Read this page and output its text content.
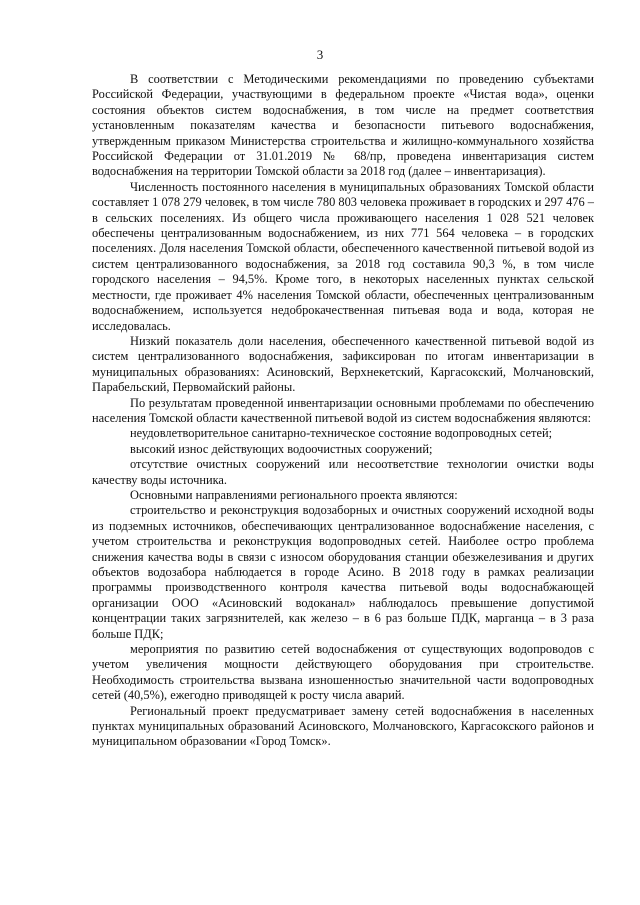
3

В соответствии с Методическими рекомендациями по проведению субъектами Российской Федерации, участвующими в федеральном проекте «Чистая вода», оценки состояния объектов систем водоснабжения, в том числе на предмет соответствия установленным показателям качества и безопасности питьевого водоснабжения, утвержденным приказом Министерства строительства и жилищно-коммунального хозяйства Российской Федерации от 31.01.2019 № 68/пр, проведена инвентаризация систем водоснабжения на территории Томской области за 2018 год (далее – инвентаризация).

Численность постоянного населения в муниципальных образованиях Томской области составляет 1 078 279 человек, в том числе 780 803 человека проживает в городских и 297 476 – в сельских поселениях. Из общего числа проживающего населения 1 028 521 человек обеспечены централизованным водоснабжением, из них 771 564 человека – в городских поселениях. Доля населения Томской области, обеспеченного качественной питьевой водой из систем централизованного водоснабжения, за 2018 год составила 90,3 %, в том числе городского населения – 94,5%. Кроме того, в некоторых населенных пунктах сельской местности, где проживает 4% населения Томской области, обеспеченных централизованным водоснабжением, используется недоброкачественная питьевая вода и вода, которая не исследовалась.

Низкий показатель доли населения, обеспеченного качественной питьевой водой из систем централизованного водоснабжения, зафиксирован по итогам инвентаризации в муниципальных образованиях: Асиновский, Верхнекетский, Каргасокский, Молчановский, Парабельский, Первомайский районы.

По результатам проведенной инвентаризации основными проблемами по обеспечению населения Томской области качественной питьевой водой из систем водоснабжения являются:

неудовлетворительное санитарно-техническое состояние водопроводных сетей;

высокий износ действующих водоочистных сооружений;

отсутствие очистных сооружений или несоответствие технологии очистки воды качеству воды источника.

Основными направлениями регионального проекта являются:

строительство и реконструкция водозаборных и очистных сооружений исходной воды из подземных источников, обеспечивающих централизованное водоснабжение населения, с учетом строительства и реконструкция водопроводных сетей. Наиболее остро проблема снижения качества воды в связи с износом оборудования станции обезжелезивания и других объектов водозабора наблюдается в городе Асино. В 2018 году в рамках реализации программы производственного контроля качества питьевой воды водоснабжающей организации ООО «Асиновский водоканал» наблюдалось превышение допустимой концентрации таких загрязнителей, как железо – в 6 раз больше ПДК, марганца – в 3 раза больше ПДК;

мероприятия по развитию сетей водоснабжения от существующих водопроводов с учетом увеличения мощности действующего оборудования при строительстве. Необходимость строительства вызвана изношенностью значительной части водопроводных сетей (40,5%), ежегодно приводящей к росту числа аварий.

Региональный проект предусматривает замену сетей водоснабжения в населенных пунктах муниципальных образований Асиновского, Молчановского, Каргасокского районов и муниципальном образовании «Город Томск».
